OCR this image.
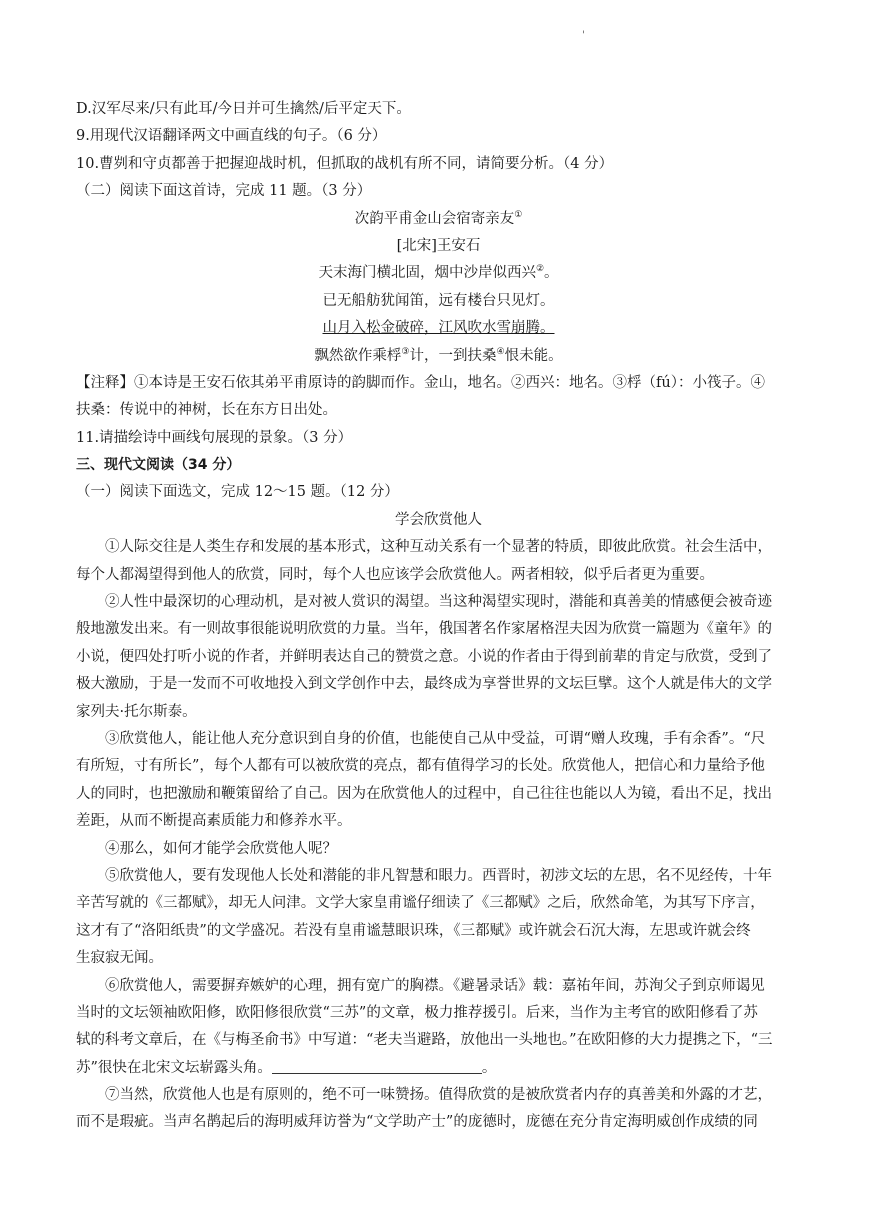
'
D.汉军尽来/只有此耳/今日并可生擒然/后平定天下。
9.用现代汉语翻译两文中画直线的句子。（6 分）
10.曹刿和守贞都善于把握迎战时机，但抓取的战机有所不同，请简要分析。（4 分）
（二）阅读下面这首诗，完成 11 题。（3 分）
次韵平甫金山会宿寄亲友①
[北宋]王安石
天末海门横北固，烟中沙岸似西兴②。
已无船舫犹闻笛，远有楼台只见灯。
山月入松金破碎，江风吹水雪崩腾。
飘然欲作乘桴③计，一到扶桑④恨未能。
【注释】①本诗是王安石依其弟平甫原诗的韵脚而作。金山，地名。②西兴：地名。③桴（fú）：小筏子。④
扶桑：传说中的神树，长在东方日出处。
11.请描绘诗中画线句展现的景象。（3 分）
三、现代文阅读（34 分）
（一）阅读下面选文，完成 12～15 题。（12 分）
学会欣赏他人
①人际交往是人类生存和发展的基本形式，这种互动关系有一个显著的特质，即彼此欣赏。社会生活中，
每个人都渴望得到他人的欣赏，同时，每个人也应该学会欣赏他人。两者相较，似乎后者更为重要。
②人性中最深切的心理动机，是对被人赏识的渴望。当这种渴望实现时，潜能和真善美的情感便会被奇迹
般地激发出来。有一则故事很能说明欣赏的力量。当年，俄国著名作家屠格涅夫因为欣赏一篇题为《童年》的
小说，便四处打听小说的作者，并鲜明表达自己的赞赏之意。小说的作者由于得到前辈的肯定与欣赏，受到了
极大激励，于是一发而不可收地投入到文学创作中去，最终成为享誉世界的文坛巨擘。这个人就是伟大的文学
家列夫·托尔斯泰。
③欣赏他人，能让他人充分意识到自身的价值，也能使自己从中受益，可谓“赠人玫瑰，手有余香”。“尺
有所短，寸有所长”，每个人都有可以被欣赏的亮点，都有值得学习的长处。欣赏他人，把信心和力量给予他
人的同时，也把激励和鞭策留给了自己。因为在欣赏他人的过程中，自己往往也能以人为镜，看出不足，找出
差距，从而不断提高素质能力和修养水平。
④那么，如何才能学会欣赏他人呢？
⑤欣赏他人，要有发现他人长处和潜能的非凡智慧和眼力。西晋时，初涉文坛的左思，名不见经传，十年
辛苦写就的《三都赋》，却无人问津。文学大家皇甫谧仔细读了《三都赋》之后，欣然命笔，为其写下序言，
这才有了“洛阳纸贵”的文学盛况。若没有皇甫谧慧眼识珠，《三都赋》或许就会石沉大海，左思或许就会终
生寂寂无闻。
⑥欣赏他人，需要摒弃嫉妒的心理，拥有宽广的胸襟。《避暑录话》载：嘉祐年间，苏洵父子到京师谒见
当时的文坛领袖欧阳修，欧阳修很欣赏“三苏”的文章，极力推荐援引。后来，当作为主考官的欧阳修看了苏
轼的科考文章后，在《与梅圣俞书》中写道：“老夫当避路，放他出一头地也。”在欧阳修的大力提携之下，“三
苏”很快在北宋文坛崭露头角。	。
⑦当然，欣赏他人也是有原则的，绝不可一味赞扬。值得欣赏的是被欣赏者内存的真善美和外露的才艺，
而不是瑕疵。当声名鹊起后的海明威拜访誉为“文学助产士”的庞德时，庞德在充分肯定海明威创作成绩的同
